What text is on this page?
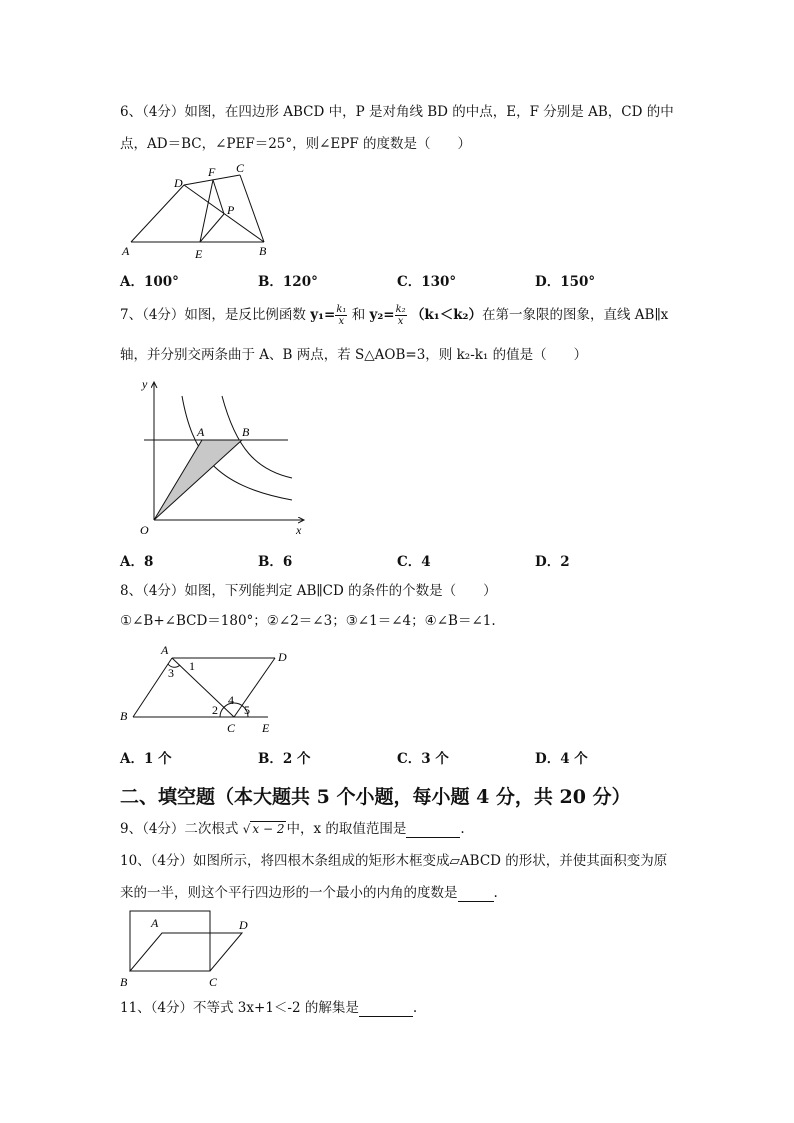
6、（4分）如图，在四边形 ABCD 中，P 是对角线 BD 的中点，E，F 分别是 AB，CD 的中
点，AD＝BC，∠PEF＝25°，则∠EPF 的度数是（　　）
A	B
C
D
E
F
P
A．100°	B．120°	C．130°	D．150°
7、（4分）如图，是反比例函数 $y_1= \frac{\text{k₁}}{x}$ 和 $y_2= \frac{\text{k₂}}{x} (k_1<k_2)$在第一象限的图象，直线 AB∥x
轴，并分别交两条曲于 A、B 两点，若 S△AOB=3，则 k₂-k₁ 的值是（　　）
y
x
O
A	B
A．8	B．6	C．4	D．2
8、（4分）如图，下列能判定 AB∥CD 的条件的个数是（　　）
①∠B+∠BCD＝180°；②∠2＝∠3；③∠1＝∠4；④∠B＝∠1.
A
B
C
D
E
1
2
3
4
5
A．1 个	B．2 个	C．3 个	D．4 个
二、填空题（本大题共 5 个小题，每小题 4 分，共 20 分）
9、（4分）二次根式 √ x − 2 中，x 的取值范围是	.
10、（4分）如图所示，将四根木条组成的矩形木框变成▱ABCD 的形状，并使其面积变为原
来的一半，则这个平行四边形的一个最小的内角的度数是	.
A
B	C
D
11、（4分）不等式 3x+1＜-2 的解集是	.
